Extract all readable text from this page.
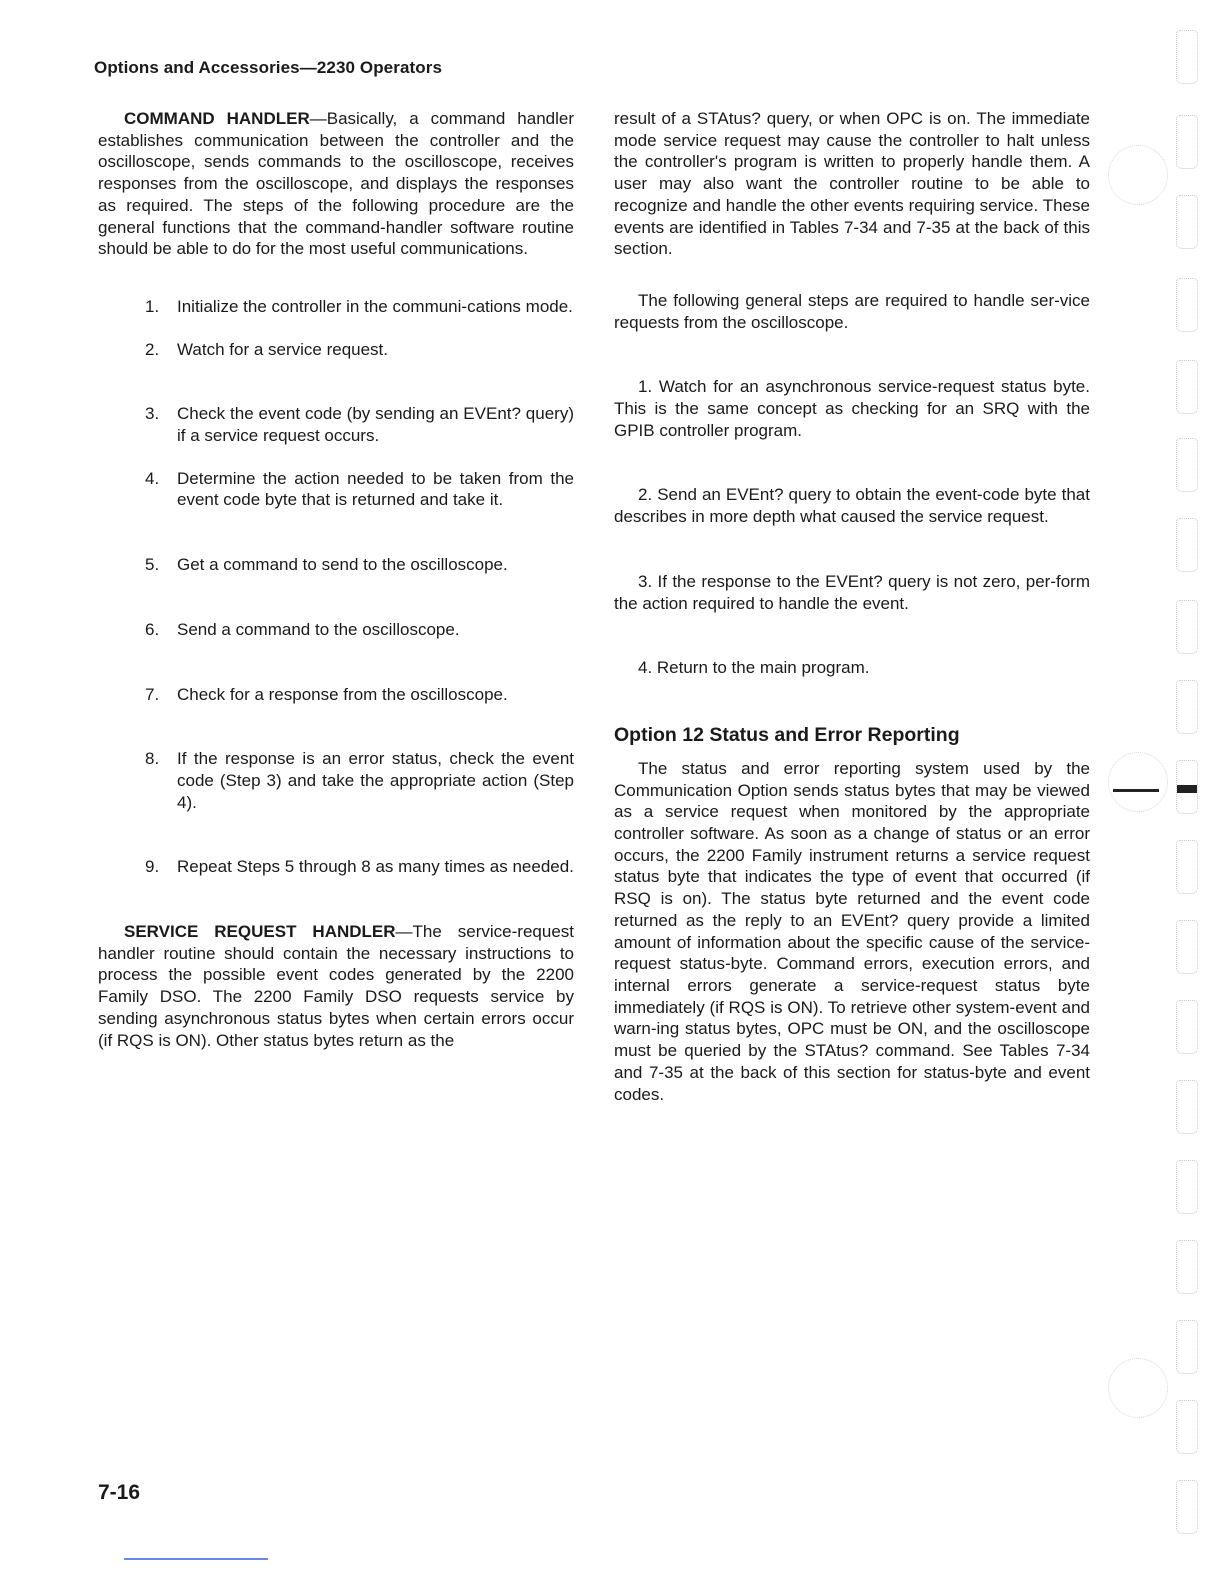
Options and Accessories—2230 Operators

COMMAND HANDLER—Basically, a command handler establishes communication between the controller and the oscilloscope, sends commands to the oscilloscope, receives responses from the oscilloscope, and displays the responses as required. The steps of the following procedure are the general functions that the command-handler software routine should be able to do for the most useful communications.

1. Initialize the controller in the communi-cations mode.
2. Watch for a service request.
3. Check the event code (by sending an EVEnt? query) if a service request occurs.
4. Determine the action needed to be taken from the event code byte that is returned and take it.
5. Get a command to send to the oscilloscope.
6. Send a command to the oscilloscope.
7. Check for a response from the oscilloscope.
8. If the response is an error status, check the event code (Step 3) and take the appropriate action (Step 4).
9. Repeat Steps 5 through 8 as many times as needed.

SERVICE REQUEST HANDLER—The service-request handler routine should contain the necessary instructions to process the possible event codes generated by the 2200 Family DSO. The 2200 Family DSO requests service by sending asynchronous status bytes when certain errors occur (if RQS is ON). Other status bytes return as the

result of a STAtus? query, or when OPC is on. The immediate mode service request may cause the controller to halt unless the controller's program is written to properly handle them. A user may also want the controller routine to be able to recognize and handle the other events requiring service. These events are identified in Tables 7-34 and 7-35 at the back of this section.

The following general steps are required to handle ser-vice requests from the oscilloscope.

1. Watch for an asynchronous service-request status byte. This is the same concept as checking for an SRQ with the GPIB controller program.

2. Send an EVEnt? query to obtain the event-code byte that describes in more depth what caused the service request.

3. If the response to the EVEnt? query is not zero, per-form the action required to handle the event.

4. Return to the main program.

Option 12 Status and Error Reporting

The status and error reporting system used by the Communication Option sends status bytes that may be viewed as a service request when monitored by the appropriate controller software. As soon as a change of status or an error occurs, the 2200 Family instrument returns a service request status byte that indicates the type of event that occurred (if RSQ is on). The status byte returned and the event code returned as the reply to an EVEnt? query provide a limited amount of information about the specific cause of the service-request status-byte. Command errors, execution errors, and internal errors generate a service-request status byte immediately (if RQS is ON). To retrieve other system-event and warn-ing status bytes, OPC must be ON, and the oscilloscope must be queried by the STAtus? command. See Tables 7-34 and 7-35 at the back of this section for status-byte and event codes.

7-16
